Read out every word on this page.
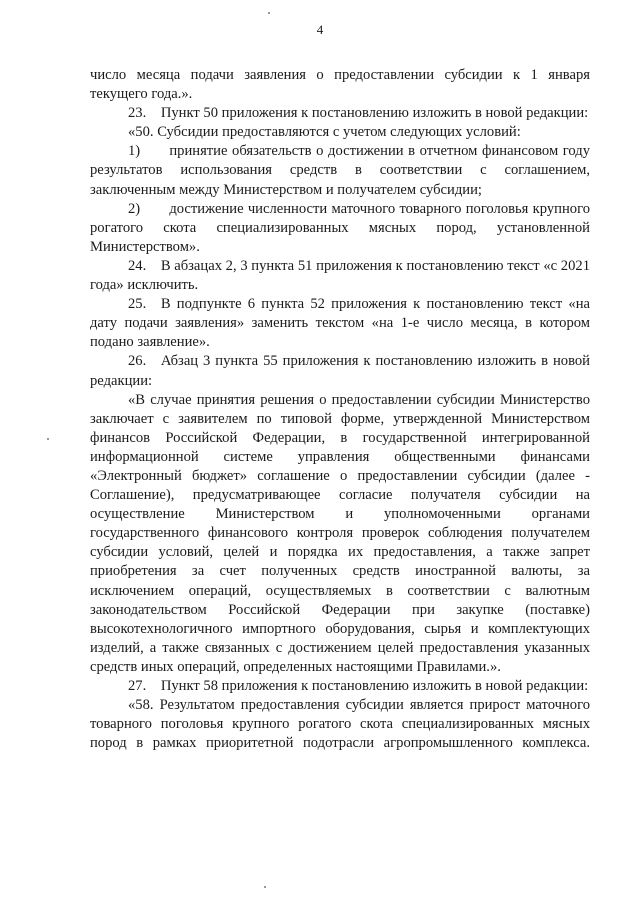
4

число месяца подачи заявления о предоставлении субсидии к 1 января текущего года.».

23. Пункт 50 приложения к постановлению изложить в новой редакции:

«50. Субсидии предоставляются с учетом следующих условий:

1)  принятие обязательств о достижении в отчетном финансовом году результатов использования средств в соответствии с соглашением, заключенным между Министерством и получателем субсидии;

2)  достижение численности маточного товарного поголовья крупного рогатого скота специализированных мясных пород, установленной Министерством».

24. В абзацах 2, 3 пункта 51 приложения к постановлению текст «с 2021 года» исключить.

25. В подпункте 6 пункта 52 приложения к постановлению текст «на дату подачи заявления» заменить текстом «на 1-е число месяца, в котором подано заявление».

26. Абзац 3 пункта 55 приложения к постановлению изложить в новой редакции:

«В случае принятия решения о предоставлении субсидии Министерство заключает с заявителем по типовой форме, утвержденной Министерством финансов Российской Федерации, в государственной интегрированной информационной системе управления общественными финансами «Электронный бюджет» соглашение о предоставлении субсидии (далее - Соглашение), предусматривающее согласие получателя субсидии на осуществление Министерством и уполномоченными органами государственного финансового контроля проверок соблюдения получателем субсидии условий, целей и порядка их предоставления, а также запрет приобретения за счет полученных средств иностранной валюты, за исключением операций, осуществляемых в соответствии с валютным законодательством Российской Федерации при закупке (поставке) высокотехнологичного импортного оборудования, сырья и комплектующих изделий, а также связанных с достижением целей предоставления указанных средств иных операций, определенных настоящими Правилами.».

27. Пункт 58 приложения к постановлению изложить в новой редакции:

«58. Результатом предоставления субсидии является прирост маточного товарного поголовья крупного рогатого скота специализированных мясных пород в рамках приоритетной подотрасли агропромышленного комплекса.
